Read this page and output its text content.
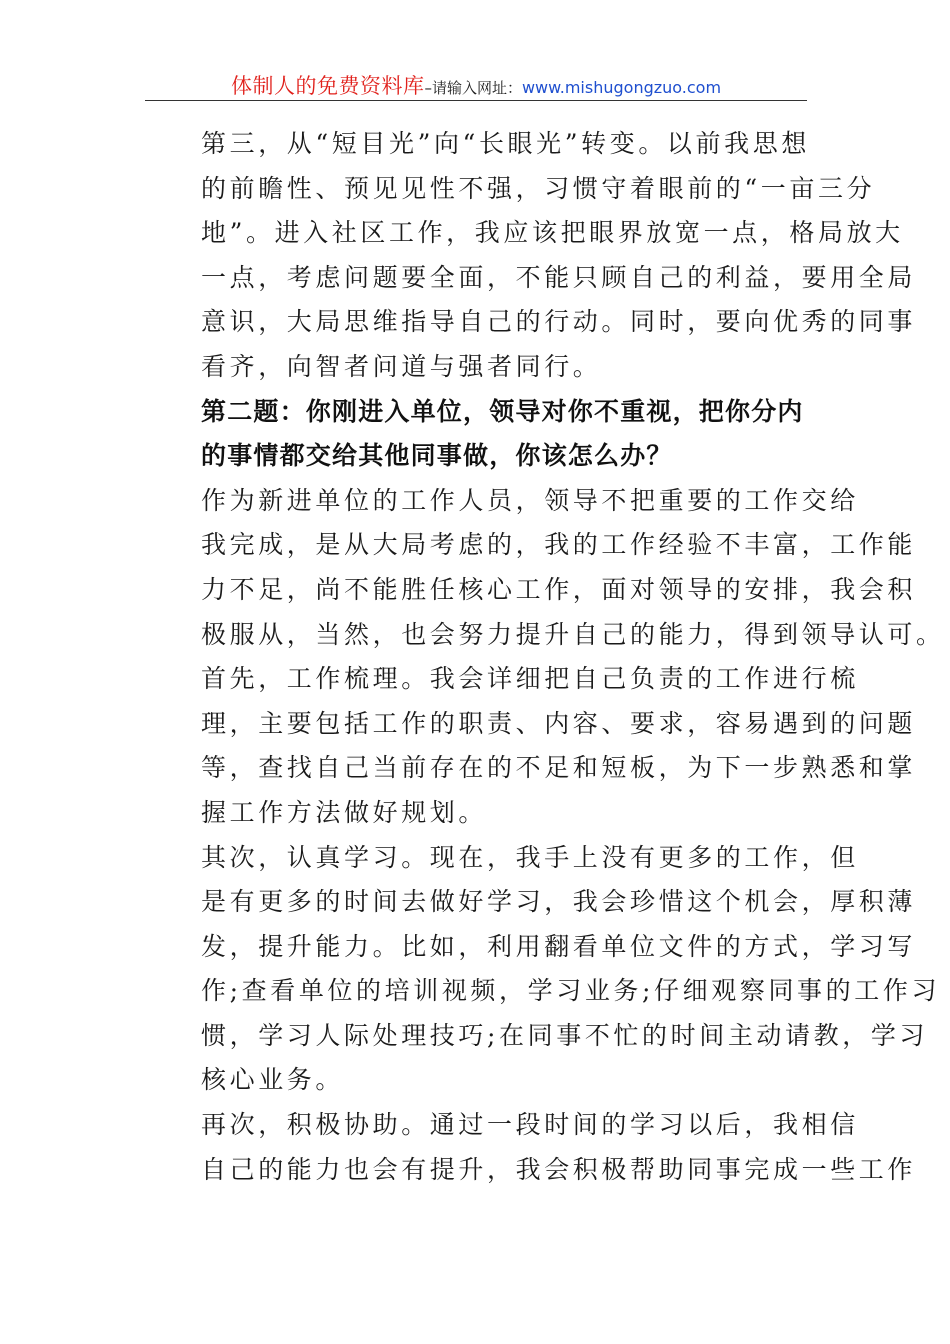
体制人的免费资料库–请输入网址：www.mishugongzuo.com

第三，从“短目光”向“长眼光”转变。以前我思想
的前瞻性、预见见性不强，习惯守着眼前的“一亩三分
地”。进入社区工作，我应该把眼界放宽一点，格局放大
一点，考虑问题要全面，不能只顾自己的利益，要用全局
意识，大局思维指导自己的行动。同时，要向优秀的同事
看齐，向智者问道与强者同行。

第二题：你刚进入单位，领导对你不重视，把你分内
的事情都交给其他同事做，你该怎么办？

作为新进单位的工作人员，领导不把重要的工作交给
我完成，是从大局考虑的，我的工作经验不丰富，工作能
力不足，尚不能胜任核心工作，面对领导的安排，我会积
极服从，当然，也会努力提升自己的能力，得到领导认可。

首先，工作梳理。我会详细把自己负责的工作进行梳
理，主要包括工作的职责、内容、要求，容易遇到的问题
等，查找自己当前存在的不足和短板，为下一步熟悉和掌
握工作方法做好规划。

其次，认真学习。现在，我手上没有更多的工作，但
是有更多的时间去做好学习，我会珍惜这个机会，厚积薄
发，提升能力。比如，利用翻看单位文件的方式，学习写
作;查看单位的培训视频，学习业务;仔细观察同事的工作习
惯，学习人际处理技巧;在同事不忙的时间主动请教，学习
核心业务。

再次，积极协助。通过一段时间的学习以后，我相信
自己的能力也会有提升，我会积极帮助同事完成一些工作
